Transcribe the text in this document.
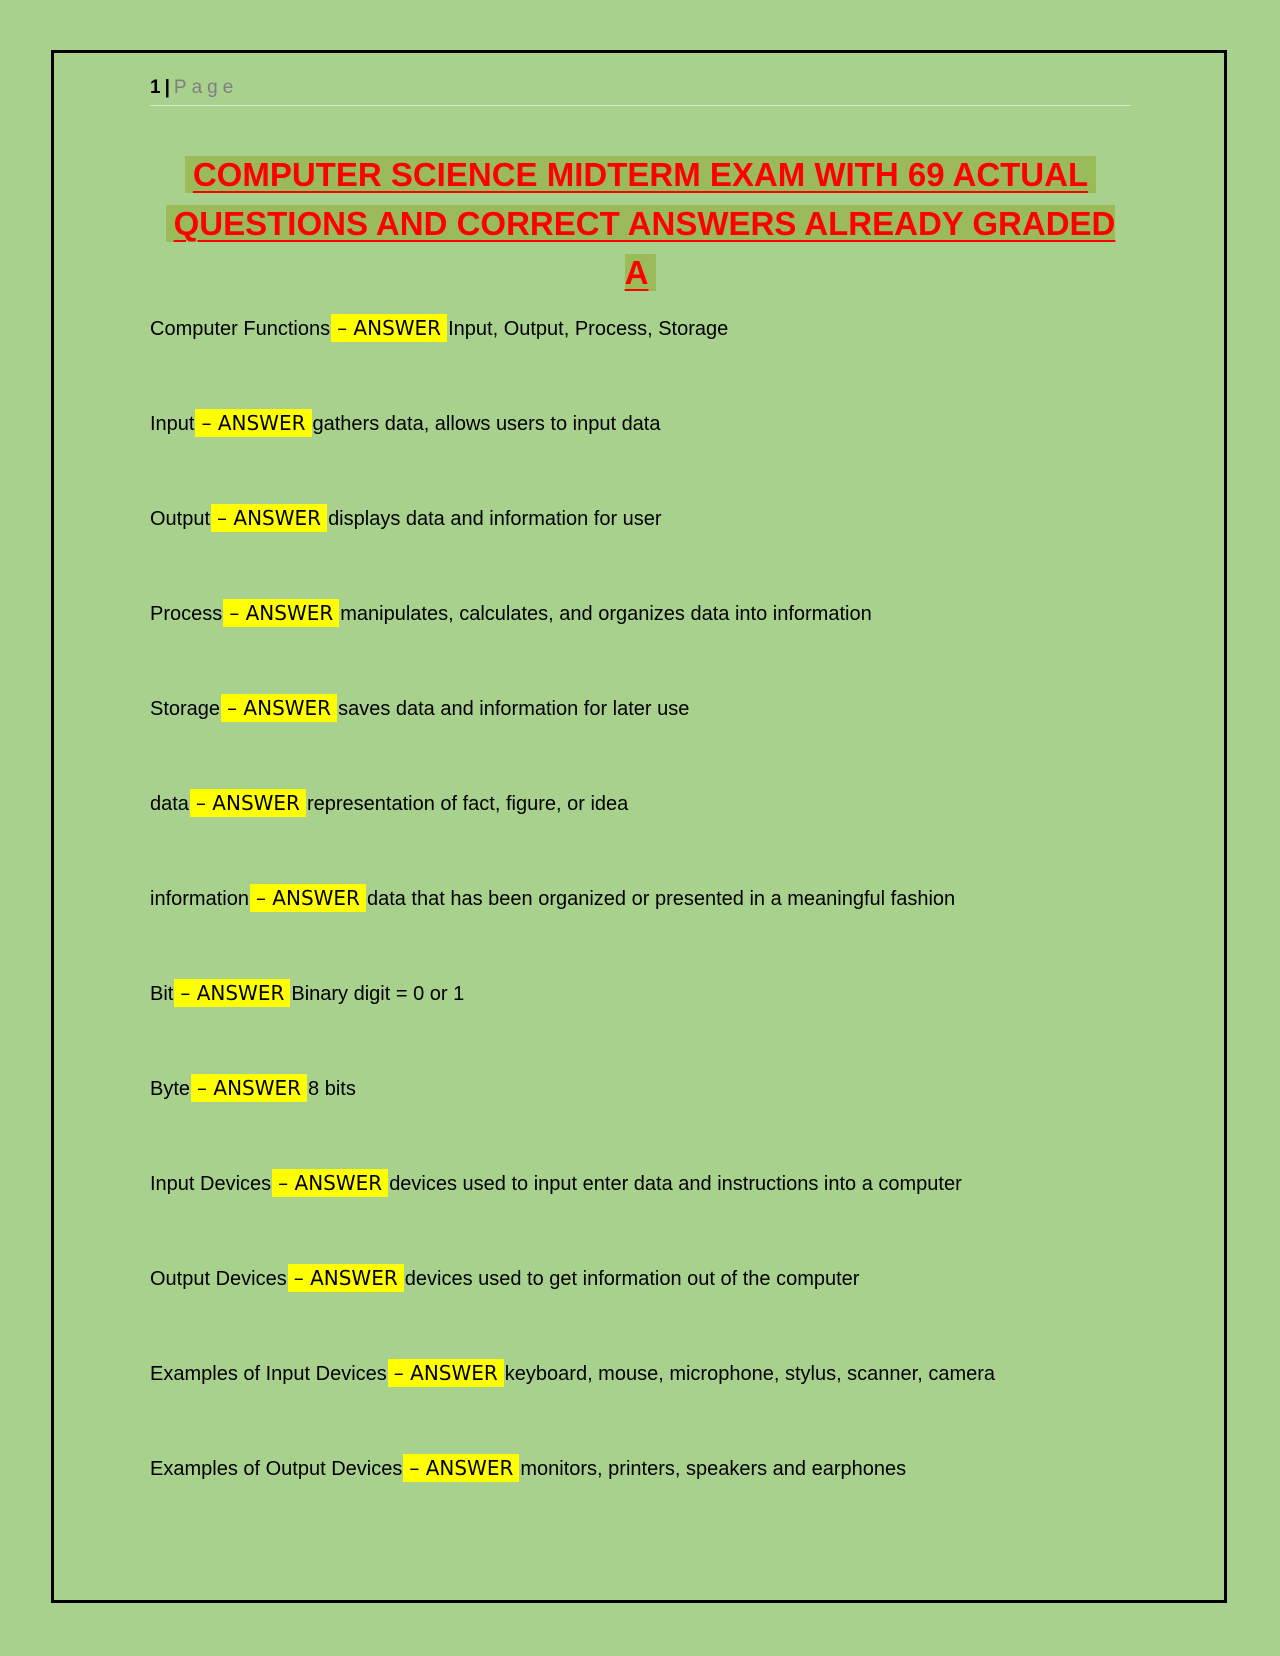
1 | Page
COMPUTER SCIENCE MIDTERM EXAM WITH 69 ACTUAL
QUESTIONS AND CORRECT ANSWERS ALREADY GRADED A
Computer Functions – ANSWER Input, Output, Process, Storage
Input – ANSWER gathers data, allows users to input data
Output – ANSWER displays data and information for user
Process – ANSWER manipulates, calculates, and organizes data into information
Storage – ANSWER saves data and information for later use
data – ANSWER representation of fact, figure, or idea
information – ANSWER data that has been organized or presented in a meaningful fashion
Bit – ANSWER Binary digit = 0 or 1
Byte – ANSWER 8 bits
Input Devices – ANSWER devices used to input enter data and instructions into a computer
Output Devices – ANSWER devices used to get information out of the computer
Examples of Input Devices – ANSWER keyboard, mouse, microphone, stylus, scanner, camera
Examples of Output Devices – ANSWER monitors, printers, speakers and earphones
